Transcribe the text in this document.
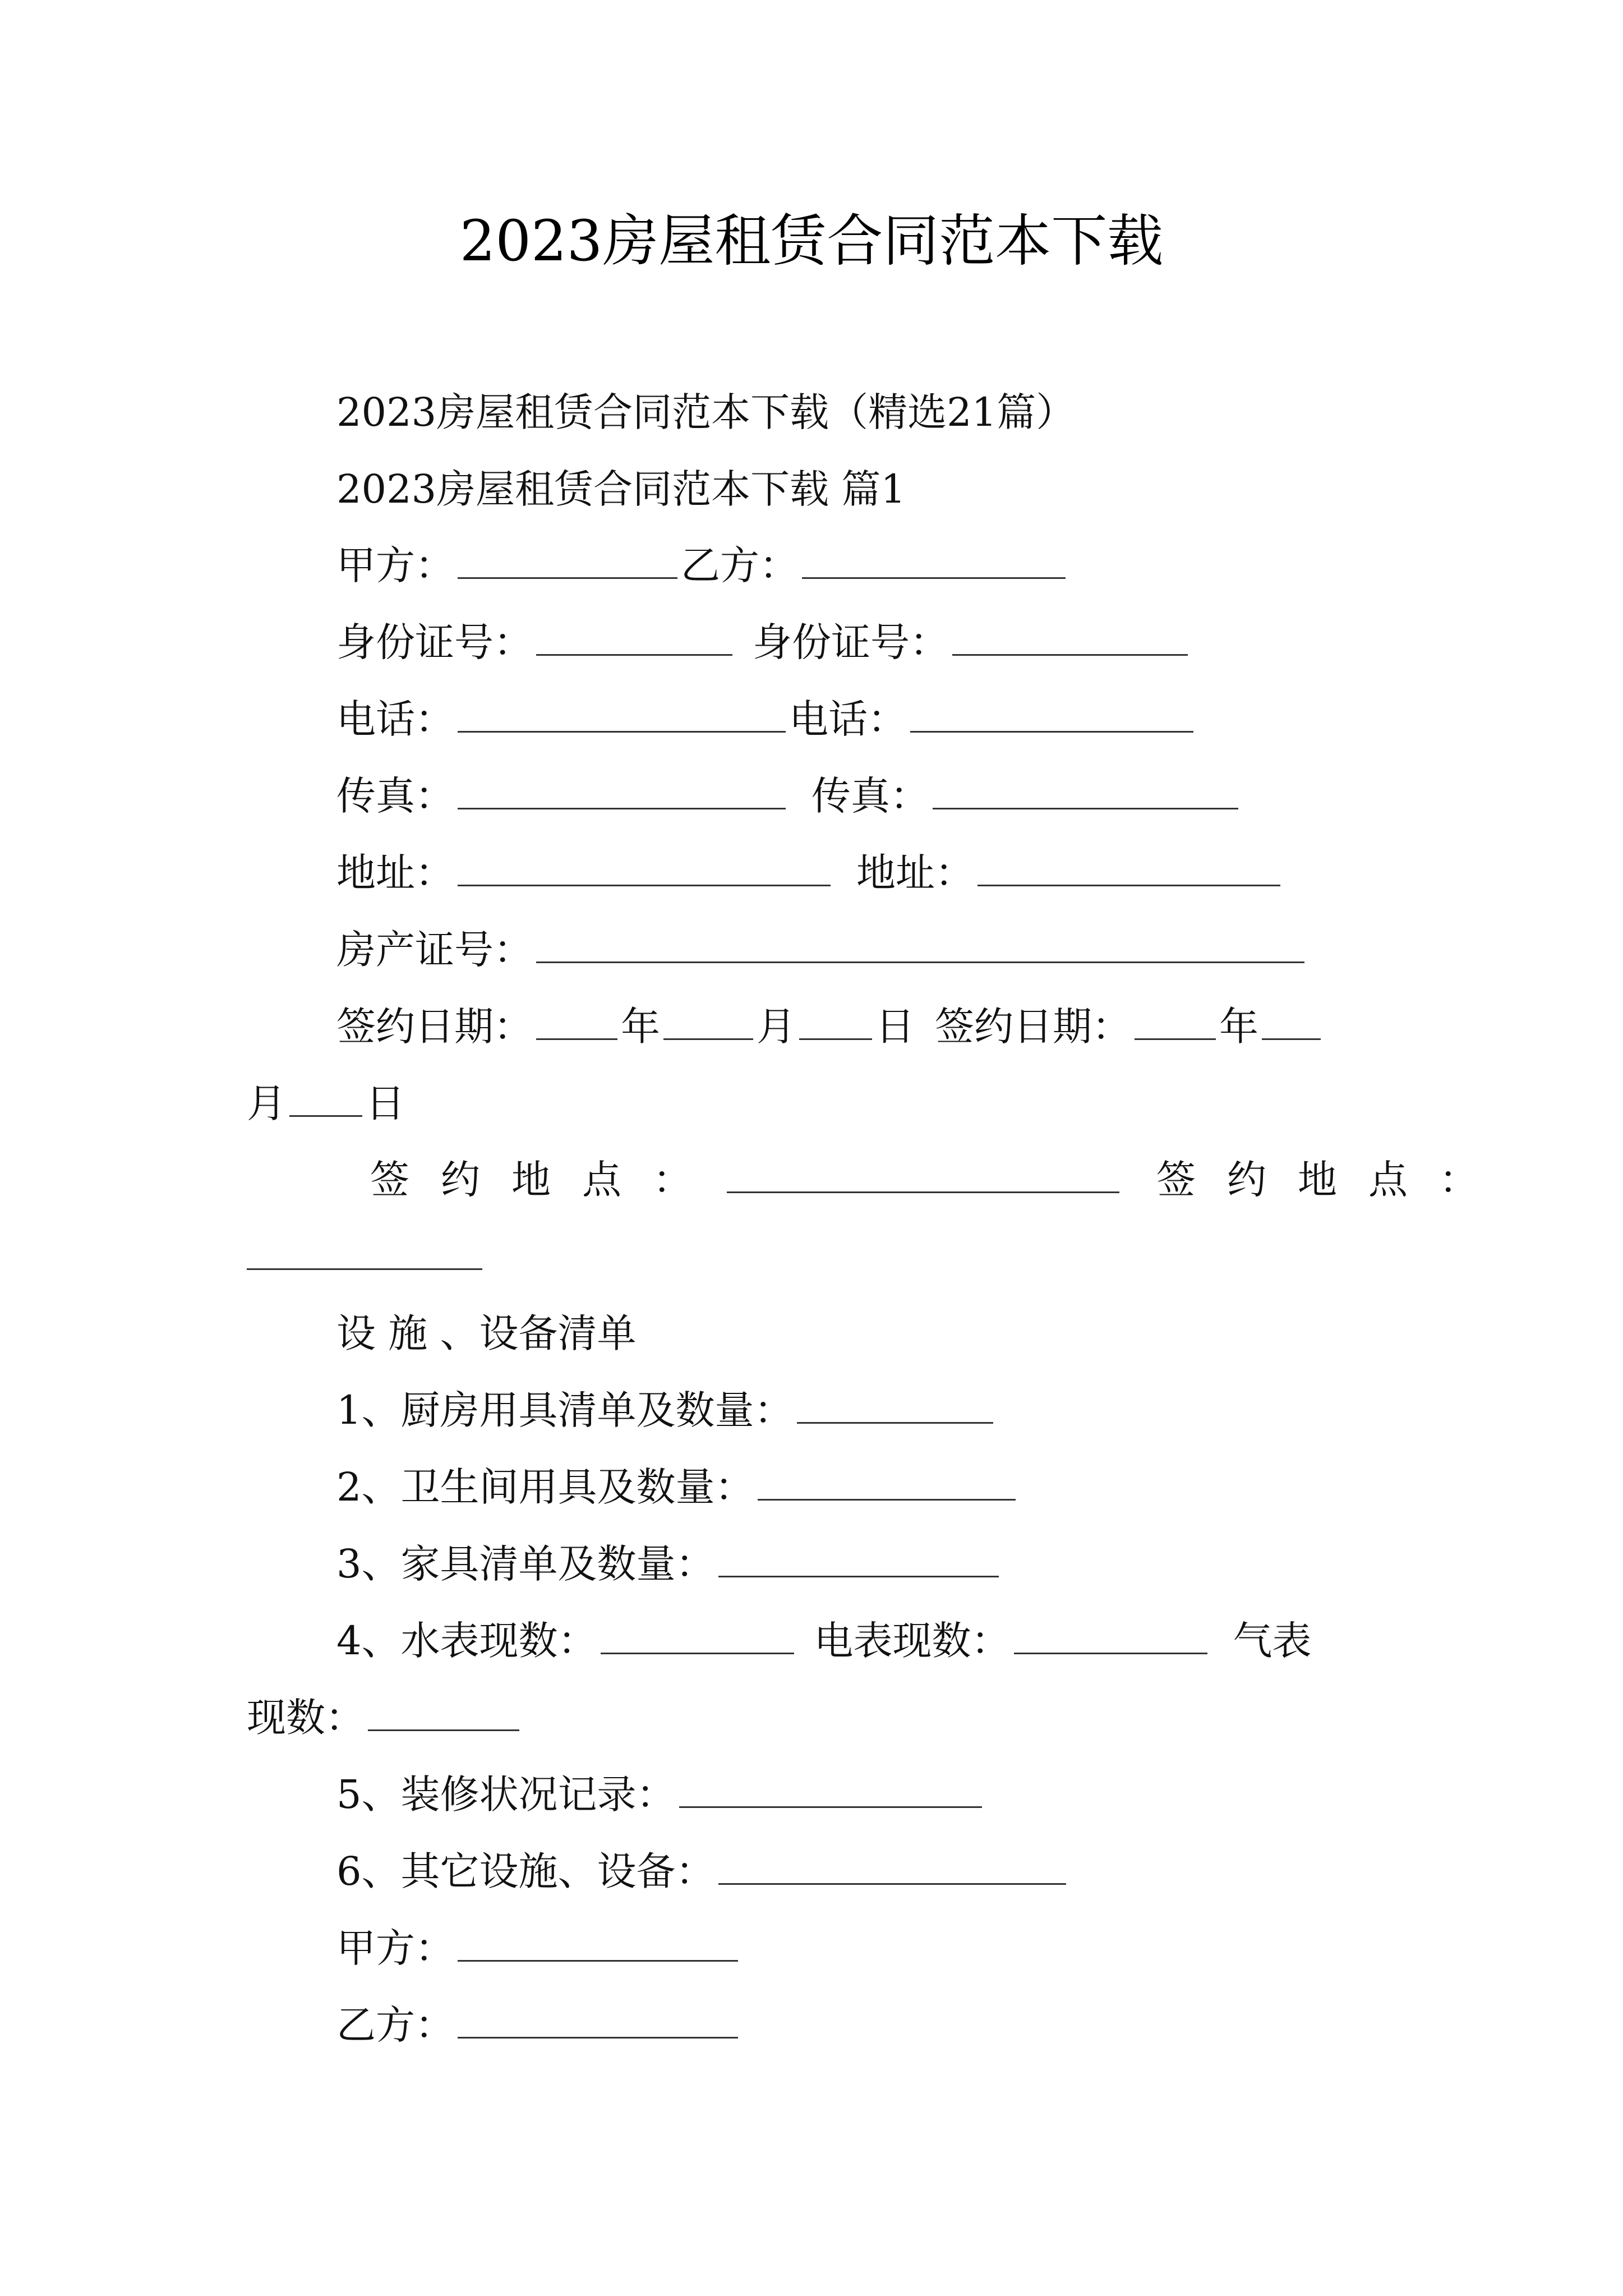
2023房屋租赁合同范本下载
2023房屋租赁合同范本下载（精选21篇）
2023房屋租赁合同范本下载 篇1
甲方：	乙方：
身份证号：	身份证号：
电话：	电话：
传真：	传真：
地址：	地址：
房产证号：
签约日期： 年 月 日 签约日期： 年
月 日
签约地点：	签约地点：
设 施 、设备清单
1、厨房用具清单及数量：
2、卫生间用具及数量：
3、家具清单及数量：
4、水表现数：	电表现数：	气表
现数：
5、装修状况记录：
6、其它设施、设备：
甲方：
乙方：
